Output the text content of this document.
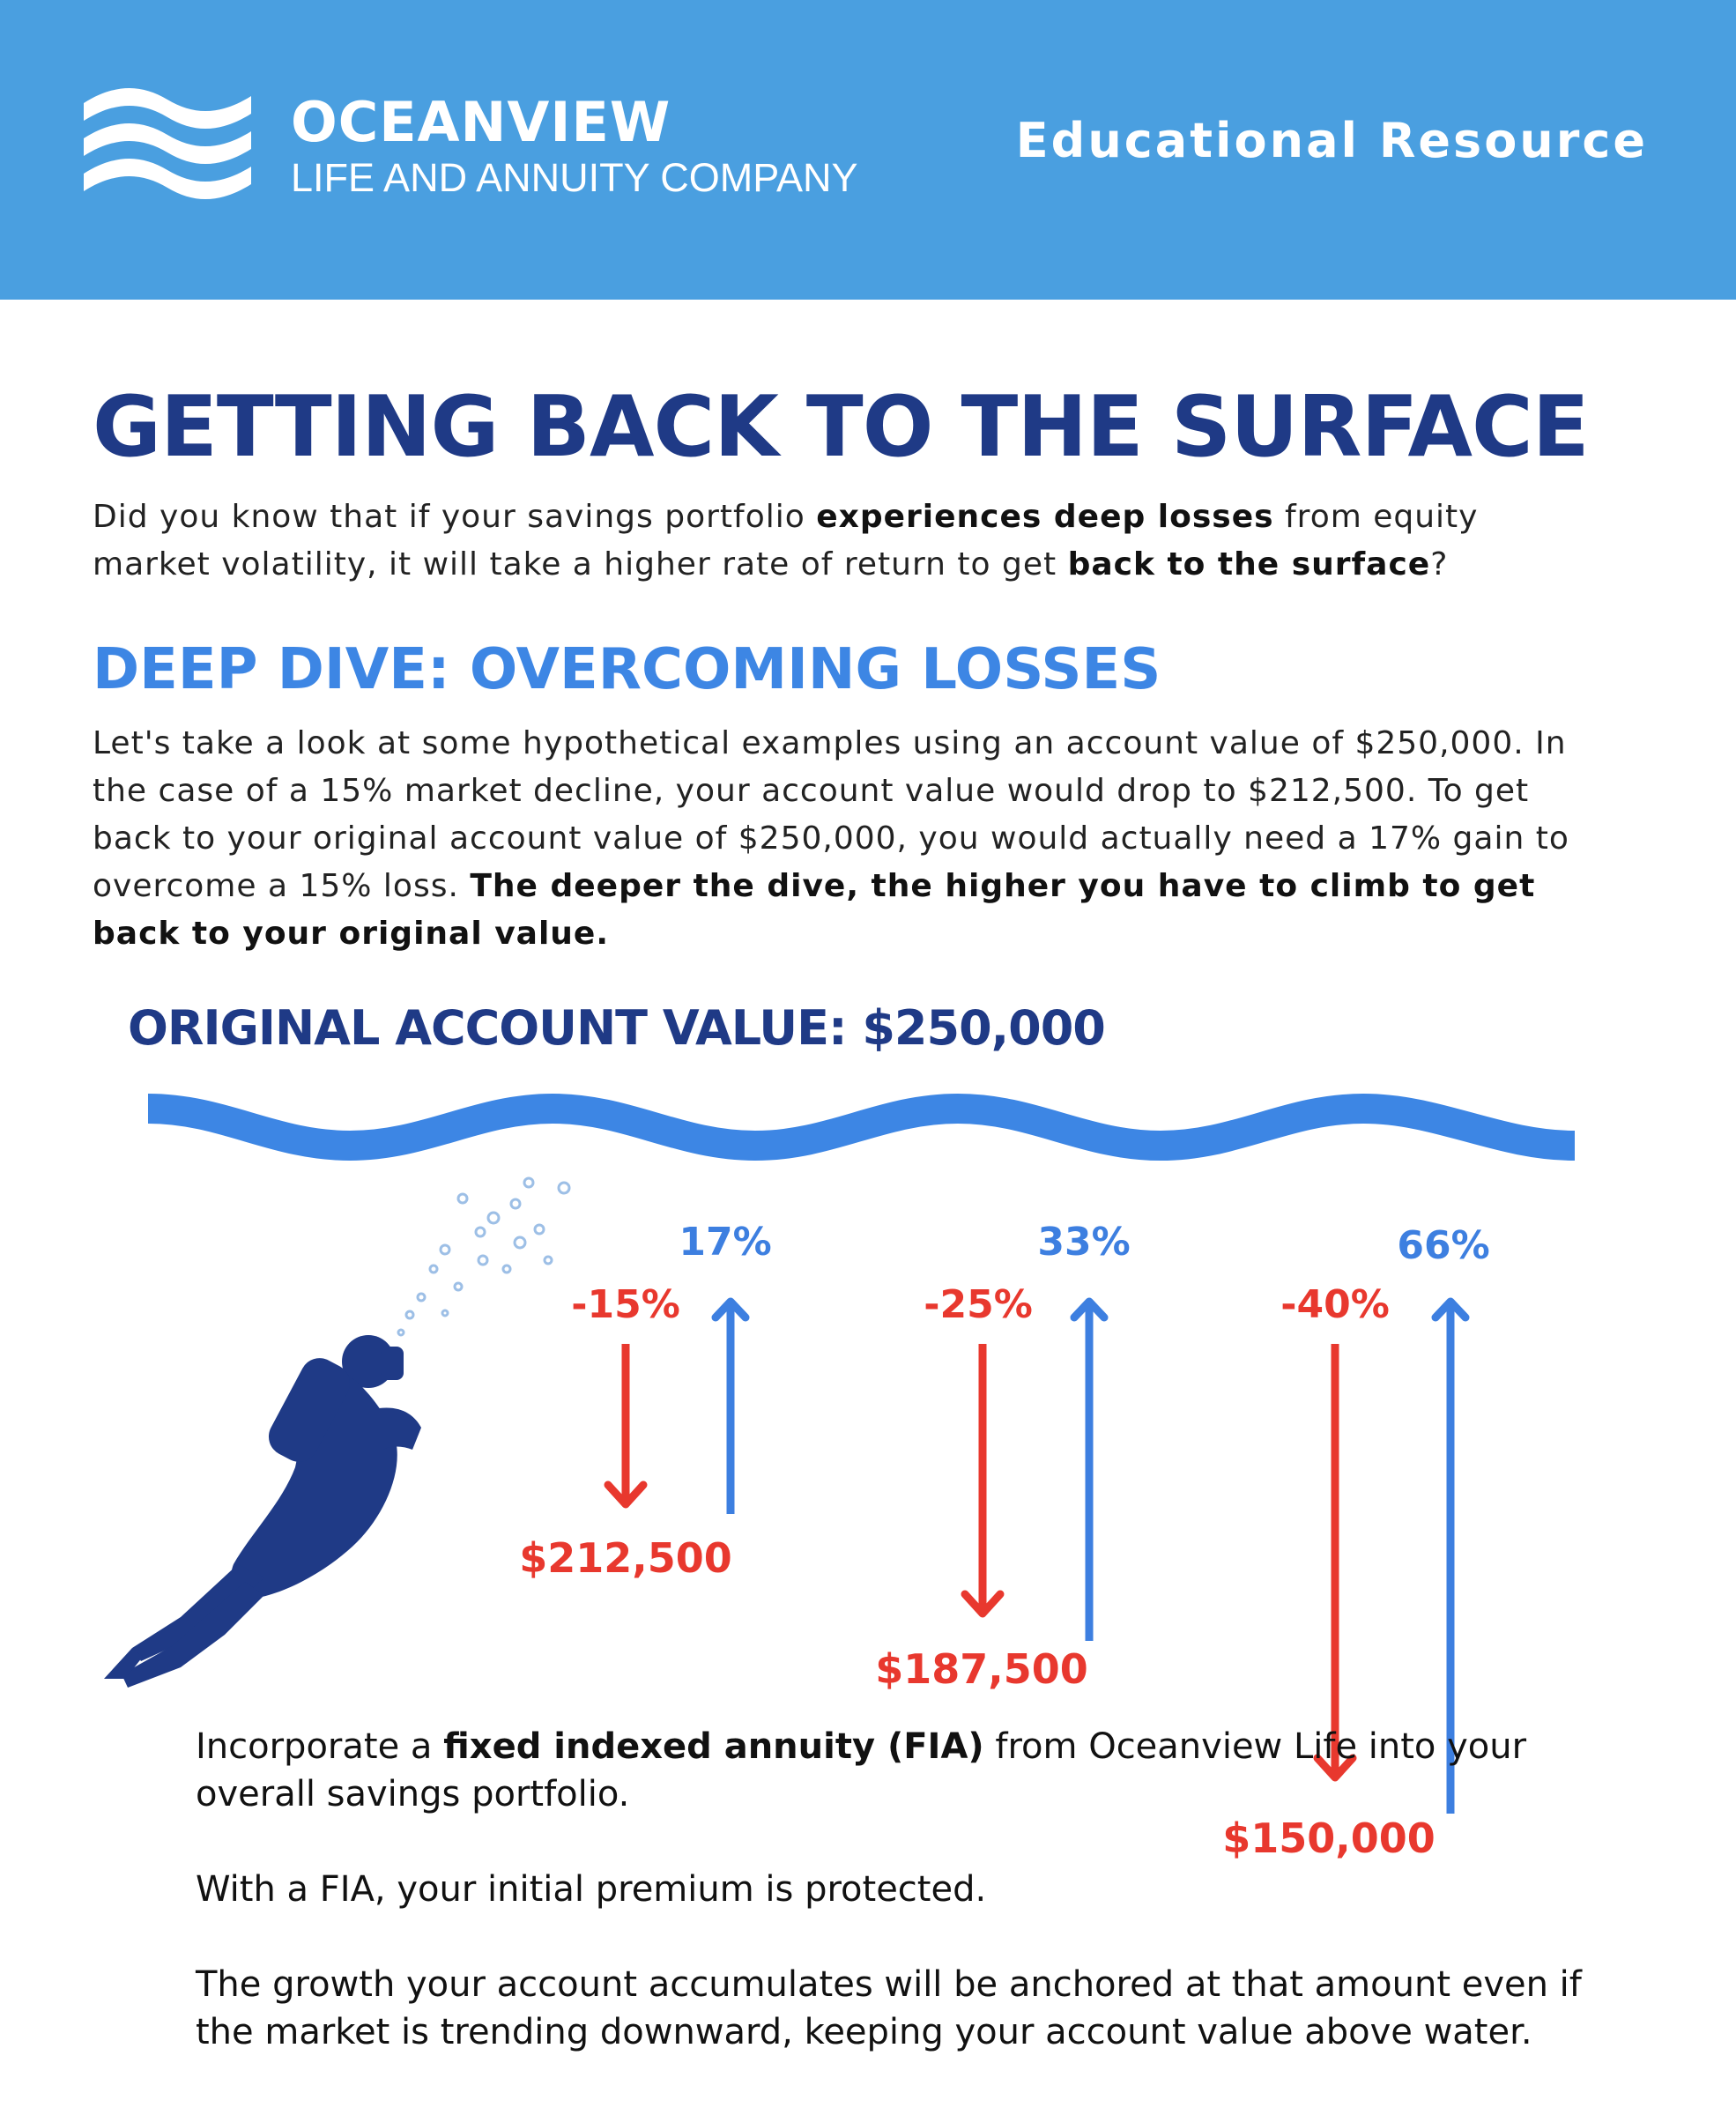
OCEANVIEW
LIFE AND ANNUITY COMPANY
Educational Resource
GETTING BACK TO THE SURFACE
Did you know that if your savings portfolio experiences deep losses from equity market volatility, it will take a higher rate of return to get back to the surface?
DEEP DIVE: OVERCOMING LOSSES
Let's take a look at some hypothetical examples using an account value of $250,000. In the case of a 15% market decline, your account value would drop to $212,500. To get back to your original account value of $250,000, you would actually need a 17% gain to overcome a 15% loss. The deeper the dive, the higher you have to climb to get back to your original value.
ORIGINAL ACCOUNT VALUE: $250,000
17%
-15%
$212,500
33%
-25%
$187,500
66%
-40%
$150,000

Incorporate a fixed indexed annuity (FIA) from Oceanview Life into your overall savings portfolio.

With a FIA, your initial premium is protected.

The growth your account accumulates will be anchored at that amount even if the market is trending downward, keeping your account value above water.
